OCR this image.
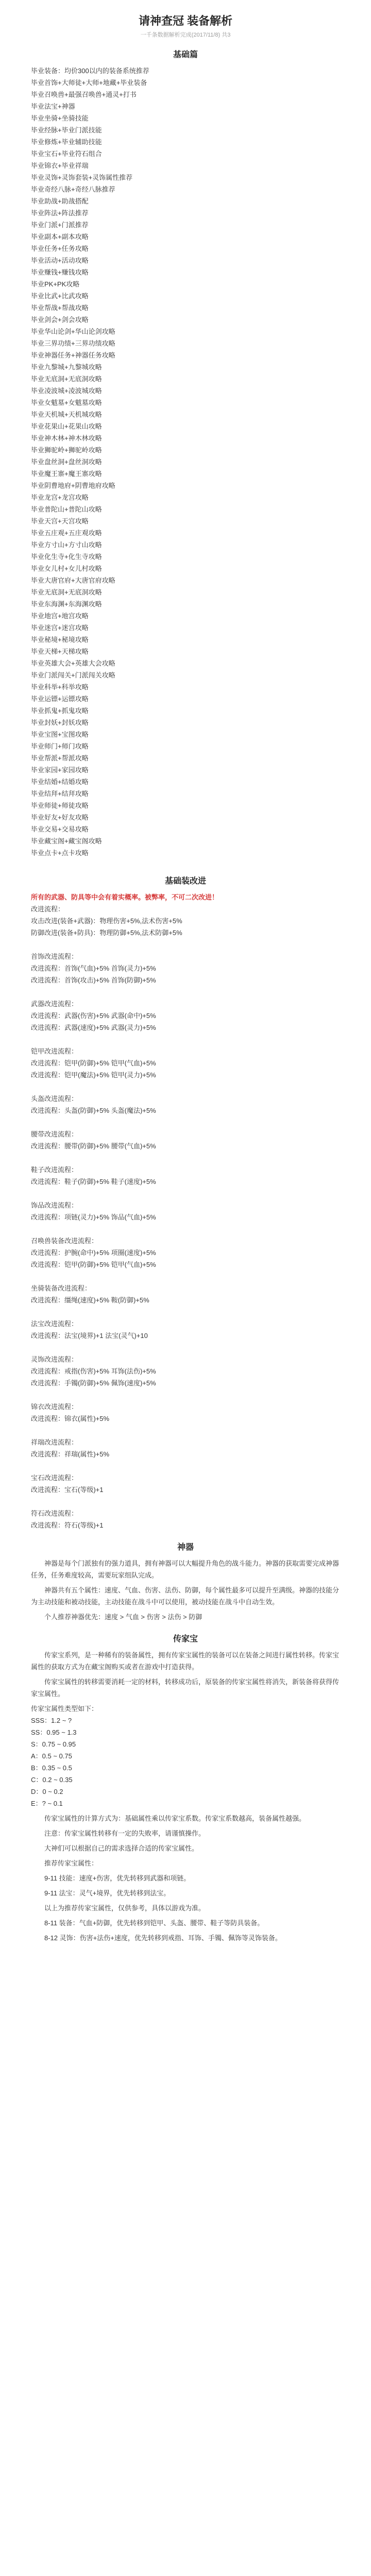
请神查冠 装备解析
一千条数据解析完成(2017/11/8) 共3
基础篇
毕业装备：均价300以内的装备系统推荐
毕业首饰+大师徒+大师+地藏+毕业装备
毕业召唤兽+最强召唤兽+通灵+打书
毕业法宝+神器
毕业坐骑+坐骑技能
毕业经脉+毕业门派技能
毕业修炼+毕业辅助技能
毕业宝石+毕业符石组合
毕业锦衣+毕业祥瑞
毕业灵饰+灵饰套装+灵饰属性推荐
毕业奇经八脉+奇经八脉推荐
毕业助战+助战搭配
毕业阵法+阵法推荐
毕业门派+门派推荐
毕业副本+副本攻略
毕业任务+任务攻略
毕业活动+活动攻略
毕业赚钱+赚钱攻略
毕业PK+PK攻略
毕业比武+比武攻略
毕业帮战+帮战攻略
毕业剑会+剑会攻略
毕业华山论剑+华山论剑攻略
毕业三界功绩+三界功绩攻略
毕业神器任务+神器任务攻略
毕业九黎城+九黎城攻略
毕业无底洞+无底洞攻略
毕业凌波城+凌波城攻略
毕业女魃墓+女魃墓攻略
毕业天机城+天机城攻略
毕业花果山+花果山攻略
毕业神木林+神木林攻略
毕业狮驼岭+狮驼岭攻略
毕业盘丝洞+盘丝洞攻略
毕业魔王寨+魔王寨攻略
毕业阴曹地府+阴曹地府攻略
毕业龙宫+龙宫攻略
毕业普陀山+普陀山攻略
毕业天宫+天宫攻略
毕业五庄观+五庄观攻略
毕业方寸山+方寸山攻略
毕业化生寺+化生寺攻略
毕业女儿村+女儿村攻略
毕业大唐官府+大唐官府攻略
毕业无底洞+无底洞攻略
毕业东海渊+东海渊攻略
毕业地宫+地宫攻略
毕业迷宫+迷宫攻略
毕业秘境+秘境攻略
毕业天梯+天梯攻略
毕业英雄大会+英雄大会攻略
毕业门派闯关+门派闯关攻略
毕业科举+科举攻略
毕业运镖+运镖攻略
毕业抓鬼+抓鬼攻略
毕业封妖+封妖攻略
毕业宝图+宝图攻略
毕业师门+师门攻略
毕业帮派+帮派攻略
毕业家园+家园攻略
毕业结婚+结婚攻略
毕业结拜+结拜攻略
毕业师徒+师徒攻略
毕业好友+好友攻略
毕业交易+交易攻略
毕业藏宝阁+藏宝阁攻略
毕业点卡+点卡攻略
基础装改进
所有的武器、防具等中会有着实概率。被弊率，不可二次改进！
改进流程：
攻击改进(装备+武器)：物理伤害+5%,法术伤害+5%
防御改进(装备+防具)：物理防御+5%,法术防御+5%
首饰改进流程：
改进流程：首饰(气血)+5% 首饰(灵力)+5%
改进流程：首饰(攻击)+5% 首饰(防御)+5%
武器改进流程：
改进流程：武器(伤害)+5% 武器(命中)+5%
改进流程：武器(速度)+5% 武器(灵力)+5%
铠甲改进流程：
改进流程：铠甲(防御)+5% 铠甲(气血)+5%
改进流程：铠甲(魔法)+5% 铠甲(灵力)+5%
头盔改进流程：
改进流程：头盔(防御)+5% 头盔(魔法)+5%
腰带改进流程：
改进流程：腰带(防御)+5% 腰带(气血)+5%
鞋子改进流程：
改进流程：鞋子(防御)+5% 鞋子(速度)+5%
饰品改进流程：
改进流程：项链(灵力)+5% 饰品(气血)+5%
召唤兽装备改进流程：
改进流程：护腕(命中)+5% 项圈(速度)+5%
改进流程：铠甲(防御)+5% 铠甲(气血)+5%
坐骑装备改进流程：
改进流程：缰绳(速度)+5% 鞍(防御)+5%
法宝改进流程：
改进流程：法宝(境界)+1 法宝(灵气)+10
灵饰改进流程：
改进流程：戒指(伤害)+5% 耳饰(法伤)+5%
改进流程：手镯(防御)+5% 佩饰(速度)+5%
锦衣改进流程：
改进流程：锦衣(属性)+5%
祥瑞改进流程：
改进流程：祥瑞(属性)+5%
宝石改进流程：
改进流程：宝石(等级)+1
符石改进流程：
改进流程：符石(等级)+1
神器
神器是每个门派独有的强力道具，拥有神器可以大幅提升角色的战斗能力。神器的获取需要完成神器任务，任务难度较高，需要玩家组队完成。
神器共有五个属性：速度、气血、伤害、法伤、防御，每个属性最多可以提升至满级。神器的技能分为主动技能和被动技能，主动技能在战斗中可以使用，被动技能在战斗中自动生效。
个人推荐神器优先：速度 > 气血 > 伤害 > 法伤 > 防御
传家宝
传家宝系列，是一种稀有的装备属性，拥有传家宝属性的装备可以在装备之间进行属性转移。传家宝属性的获取方式为在藏宝阁购买或者在游戏中打造获得。
传家宝属性的转移需要消耗一定的材料，转移成功后，原装备的传家宝属性将消失，新装备将获得传家宝属性。
传家宝属性类型如下：
SSS：1.2 ~ ?
SS：0.95 ~ 1.3
S：0.75 ~ 0.95
A：0.5 ~ 0.75
B：0.35 ~ 0.5
C：0.2 ~ 0.35
D：0 ~ 0.2
E：? ~ 0.1
传家宝属性的计算方式为：基础属性乘以传家宝系数。传家宝系数越高，装备属性越强。
注意：传家宝属性转移有一定的失败率，请谨慎操作。
大神们可以根据自己的需求选择合适的传家宝属性。
推荐传家宝属性：
9-11 技能：速度+伤害，优先转移到武器和项链。
9-11 法宝：灵气+境界，优先转移到法宝。
以上为推荐传家宝属性，仅供参考，具体以游戏为准。
8-11 装备：气血+防御，优先转移到铠甲、头盔、腰带、鞋子等防具装备。
8-12 灵饰：伤害+法伤+速度，优先转移到戒指、耳饰、手镯、佩饰等灵饰装备。
